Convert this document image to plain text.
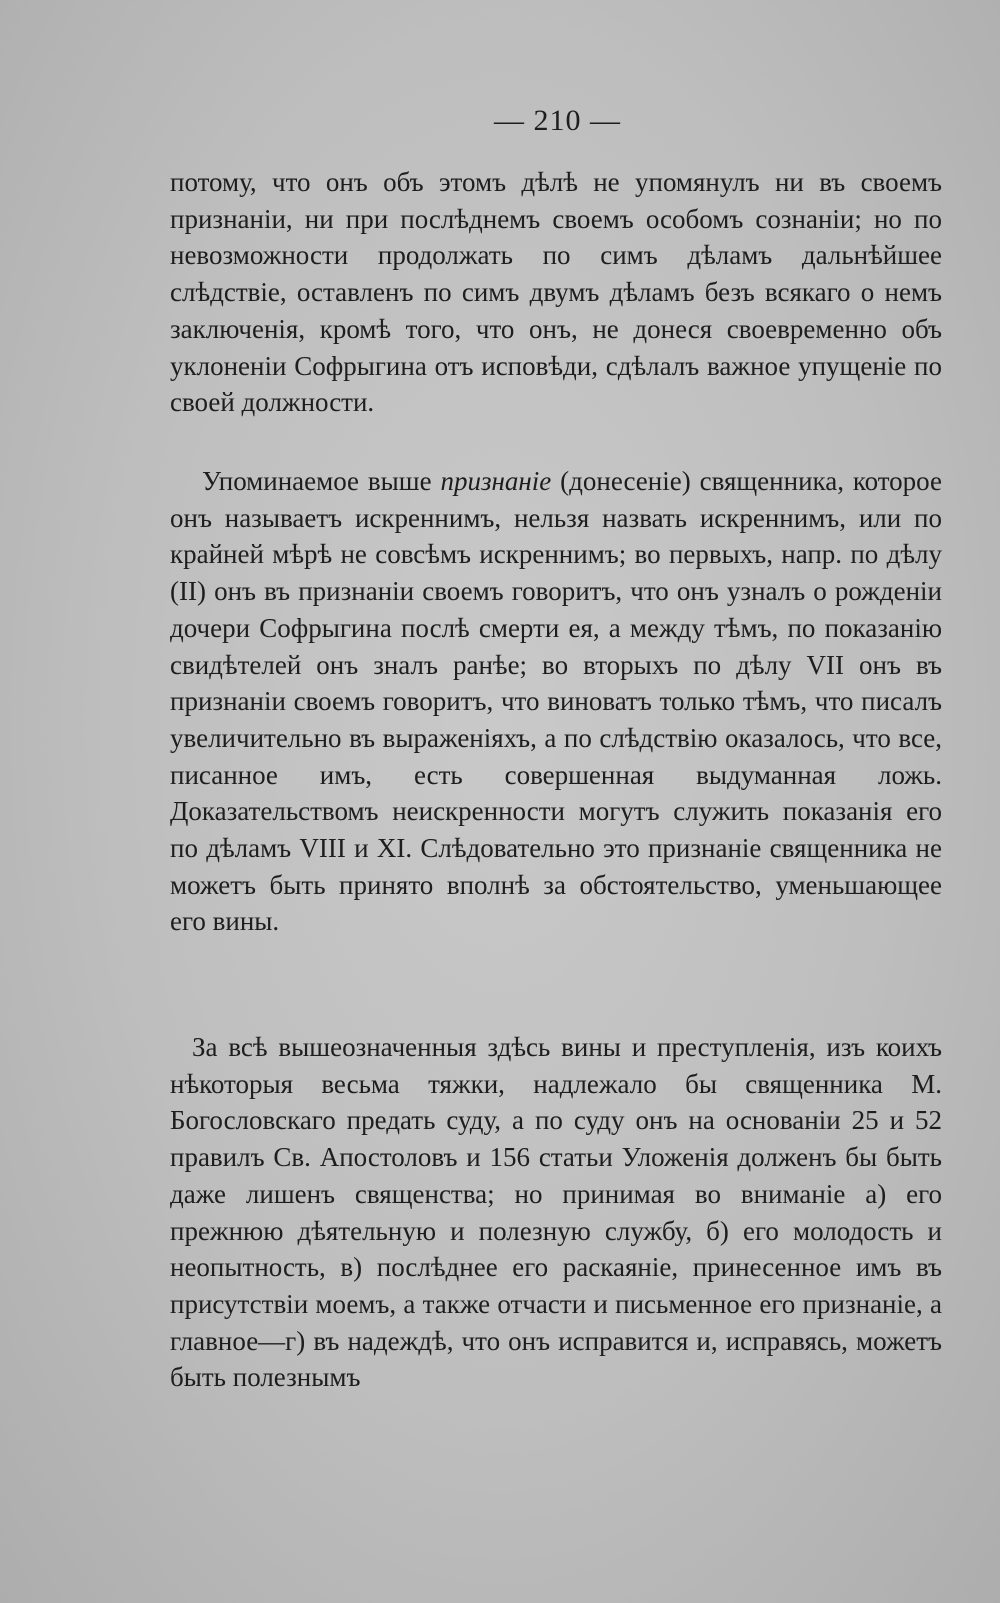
— 210 —
потому, что онъ объ этомъ дѣлѣ не упомянулъ ни въ своемъ признаніи, ни при послѣднемъ своемъ особомъ сознаніи; но по невозможности продолжать по симъ дѣламъ дальнѣйшее слѣдствіе, оставленъ по симъ двумъ дѣламъ безъ всякаго о немъ заключенія, кромѣ того, что онъ, не донеся своевременно объ уклоненіи Софрыгина отъ исповѣди, сдѣлалъ важное упущеніе по своей должности.
Упоминаемое выше признаніе (донесеніе) священника, которое онъ называетъ искреннимъ, нельзя назвать искреннимъ, или по крайней мѣрѣ не совсѣмъ искреннимъ; во первыхъ, напр. по дѣлу (II) онъ въ признаніи своемъ говоритъ, что онъ узналъ о рожденіи дочери Софрыгина послѣ смерти ея, а между тѣмъ, по показанію свидѣтелей онъ зналъ ранѣе; во вторыхъ по дѣлу VII онъ въ признаніи своемъ говоритъ, что виноватъ только тѣмъ, что писалъ увеличительно въ выраженіяхъ, а по слѣдствію оказалось, что все, писанное имъ, есть совершенная выдуманная ложь. Доказательствомъ неискренности могутъ служить показанія его по дѣламъ VIII и XI. Слѣдовательно это признаніе священника не можетъ быть принято вполнѣ за обстоятельство, уменьшающее его вины.
За всѣ вышеозначенныя здѣсь вины и преступленія, изъ коихъ нѣкоторыя весьма тяжки, надлежало бы священника М. Богословскаго предать суду, а по суду онъ на основаніи 25 и 52 правилъ Св. Апостоловъ и 156 статьи Уложенія долженъ бы быть даже лишенъ священства; но принимая во вниманіе а) его прежнюю дѣятельную и полезную службу, б) его молодость и неопытность, в) послѣднее его раскаяніе, принесенное имъ въ присутствіи моемъ, а также отчасти и письменное его признаніе, а главное—г) въ надеждѣ, что онъ исправится и, исправясь, можетъ быть полезнымъ
